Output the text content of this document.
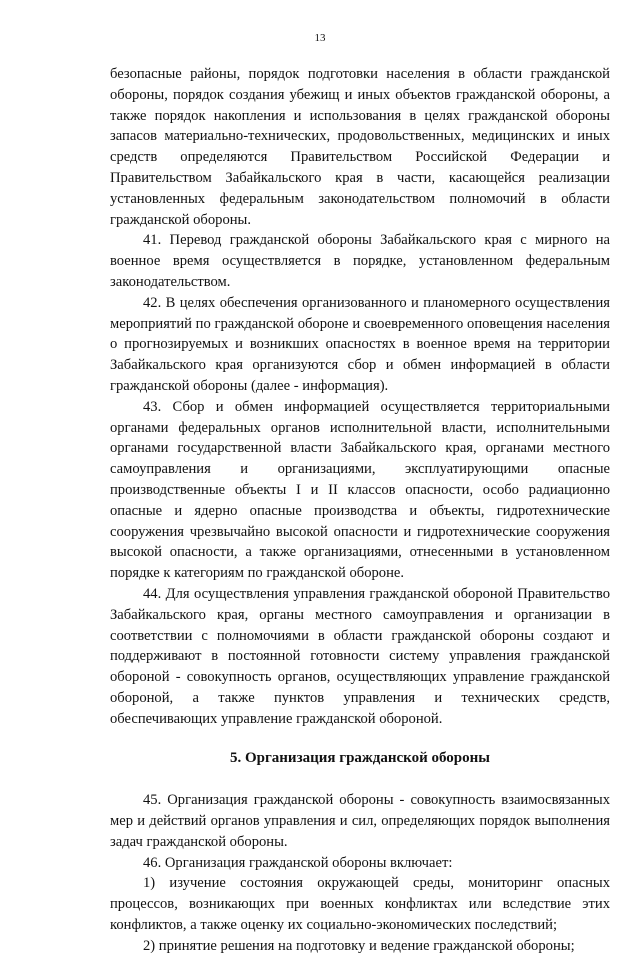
13

безопасные районы, порядок подготовки населения в области гражданской обороны, порядок создания убежищ и иных объектов гражданской обороны, а также порядок накопления и использования в целях гражданской обороны запасов материально-технических, продовольственных, медицинских и иных средств определяются Правительством Российской Федерации и Правительством Забайкальского края в части, касающейся реализации установленных федеральным законодательством полномочий в области гражданской обороны.

41. Перевод гражданской обороны Забайкальского края с мирного на военное время осуществляется в порядке, установленном федеральным законодательством.

42. В целях обеспечения организованного и планомерного осуществления мероприятий по гражданской обороне и своевременного оповещения населения о прогнозируемых и возникших опасностях в военное время на территории Забайкальского края организуются сбор и обмен информацией в области гражданской обороны (далее - информация).

43. Сбор и обмен информацией осуществляется территориальными органами федеральных органов исполнительной власти, исполнительными органами государственной власти Забайкальского края, органами местного самоуправления и организациями, эксплуатирующими опасные производственные объекты I и II классов опасности, особо радиационно опасные и ядерно опасные производства и объекты, гидротехнические сооружения чрезвычайно высокой опасности и гидротехнические сооружения высокой опасности, а также организациями, отнесенными в установленном порядке к категориям по гражданской обороне.

44. Для осуществления управления гражданской обороной Правительство Забайкальского края, органы местного самоуправления и организации в соответствии с полномочиями в области гражданской обороны создают и поддерживают в постоянной готовности систему управления гражданской обороной - совокупность органов, осуществляющих управление гражданской обороной, а также пунктов управления и технических средств, обеспечивающих управление гражданской обороной.

5. Организация гражданской обороны

45. Организация гражданской обороны - совокупность взаимосвязанных мер и действий органов управления и сил, определяющих порядок выполнения задач гражданской обороны.

46. Организация гражданской обороны включает:

1) изучение состояния окружающей среды, мониторинг опасных процессов, возникающих при военных конфликтах или вследствие этих конфликтов, а также оценку их социально-экономических последствий;

2) принятие решения на подготовку и ведение гражданской обороны;
